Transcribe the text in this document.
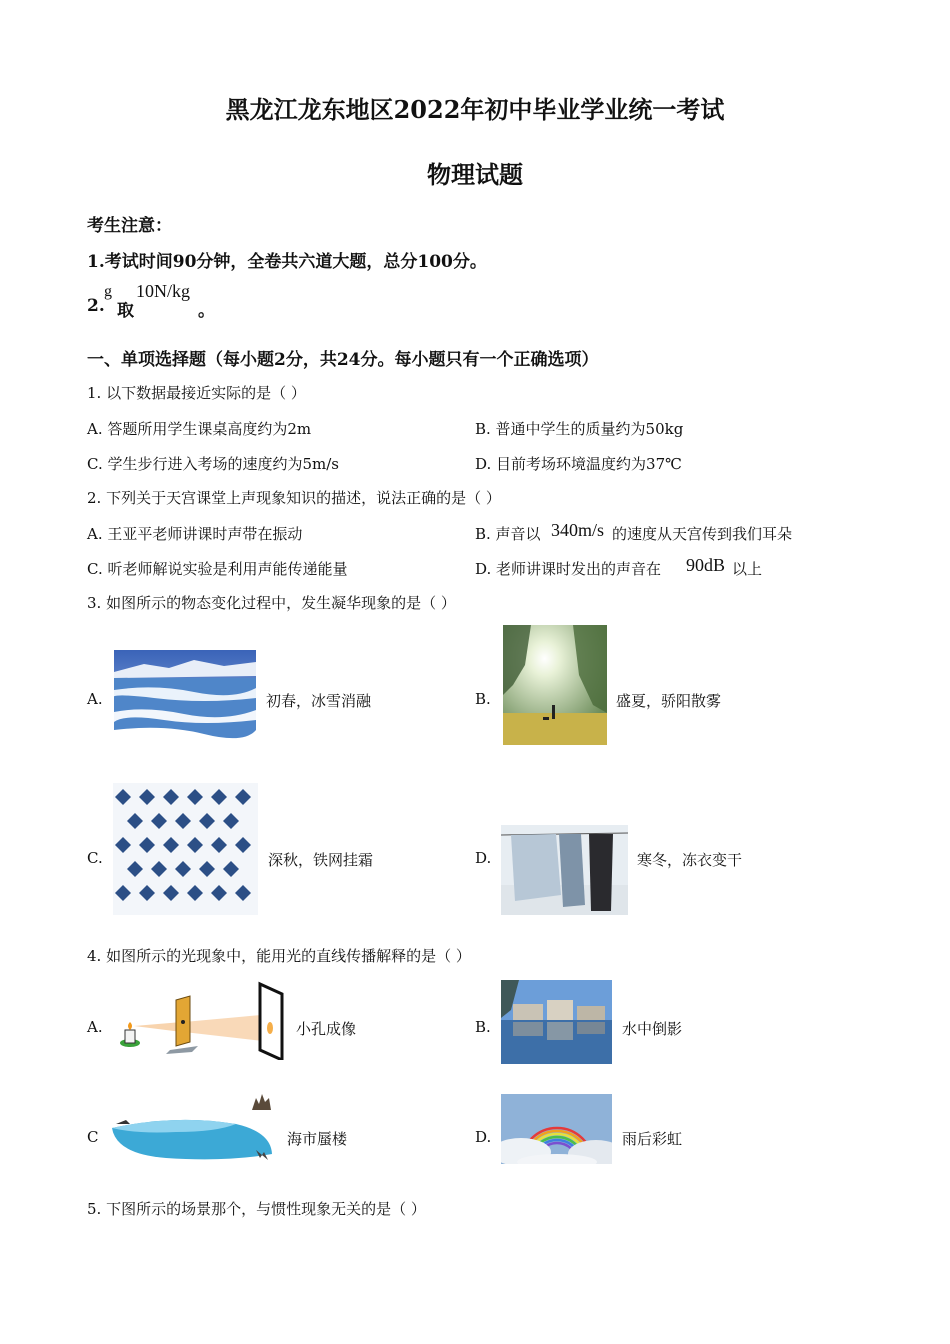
黑龙江龙东地区2022年初中毕业学业统一考试
物理试题
考生注意：
1.考试时间90分钟，全卷共六道大题，总分100分。
2.
g
取
10N/kg
。
一、单项选择题（每小题2分，共24分。每小题只有一个正确选项）
1. 以下数据最接近实际的是（ ）
A. 答题所用学生课桌高度约为2m	B. 普通中学生的质量约为50kg
C. 学生步行进入考场的速度约为5m/s	D. 目前考场环境温度约为37℃
2. 下列关于天宫课堂上声现象知识的描述，说法正确的是（ ）
A. 王亚平老师讲课时声带在振动	B. 声音以 340m/s 的速度从天宫传到我们耳朵
C. 听老师解说实验是利用声能传递能量	D. 老师讲课时发出的声音在 90dB 以上
3. 如图所示的物态变化过程中，发生凝华现象的是（ ）
A.	初春，冰雪消融	B.	盛夏，骄阳散雾
C.	深秋，铁网挂霜	D.	寒冬，冻衣变干
4. 如图所示的光现象中，能用光的直线传播解释的是（ ）
A.	小孔成像	B.	水中倒影
C	海市蜃楼	D.	雨后彩虹
5. 下图所示的场景那个，与惯性现象无关的是（ ）
